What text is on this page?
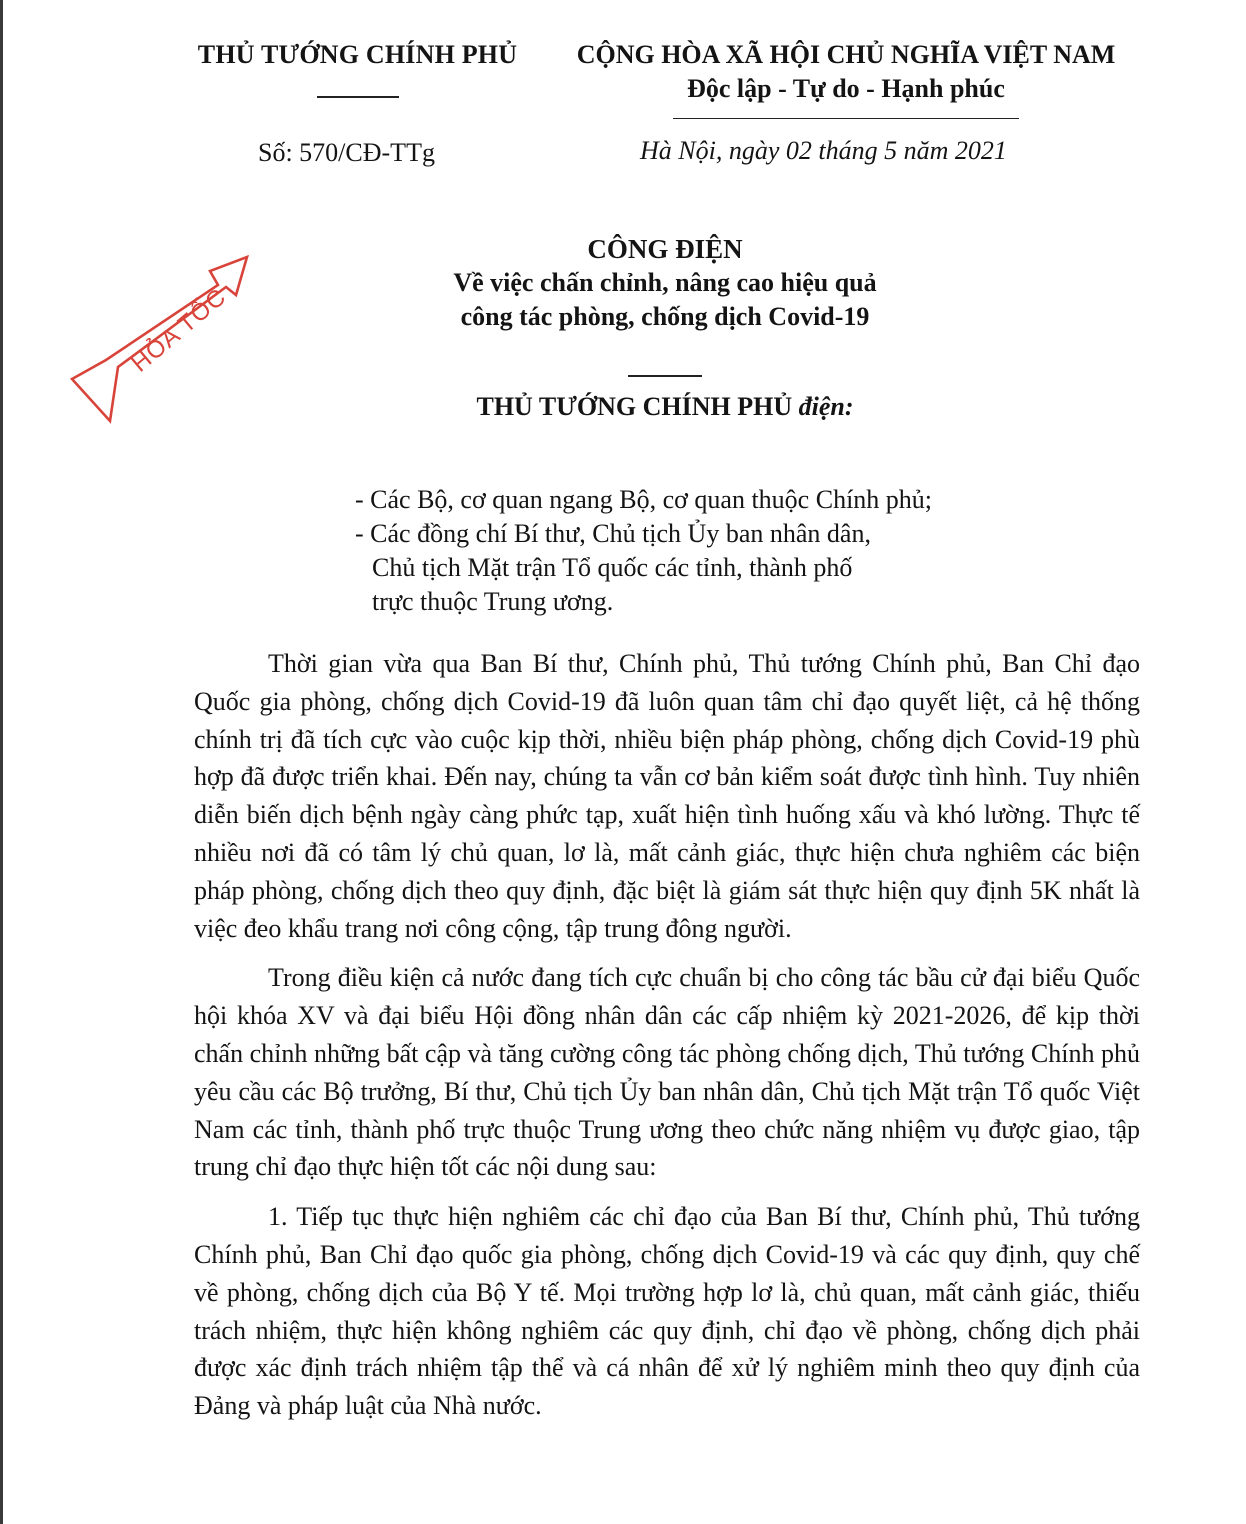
THỦ TƯỚNG CHÍNH PHỦ	CỘNG HÒA XÃ HỘI CHỦ NGHĨA VIỆT NAM
Độc lập - Tự do - Hạnh phúc
Số: 570/CĐ-TTg	Hà Nội, ngày 02 tháng 5 năm 2021
HỎA TỐC
CÔNG ĐIỆN
Về việc chấn chỉnh, nâng cao hiệu quả
công tác phòng, chống dịch Covid-19
THỦ TƯỚNG CHÍNH PHỦ điện:
- Các Bộ, cơ quan ngang Bộ, cơ quan thuộc Chính phủ;
- Các đồng chí Bí thư, Chủ tịch Ủy ban nhân dân,
Chủ tịch Mặt trận Tổ quốc các tỉnh, thành phố
trực thuộc Trung ương.

Thời gian vừa qua Ban Bí thư, Chính phủ, Thủ tướng Chính phủ, Ban Chỉ đạo Quốc gia phòng, chống dịch Covid-19 đã luôn quan tâm chỉ đạo quyết liệt, cả hệ thống chính trị đã tích cực vào cuộc kịp thời, nhiều biện pháp phòng, chống dịch Covid-19 phù hợp đã được triển khai. Đến nay, chúng ta vẫn cơ bản kiểm soát được tình hình. Tuy nhiên diễn biến dịch bệnh ngày càng phức tạp, xuất hiện tình huống xấu và khó lường. Thực tế nhiều nơi đã có tâm lý chủ quan, lơ là, mất cảnh giác, thực hiện chưa nghiêm các biện pháp phòng, chống dịch theo quy định, đặc biệt là giám sát thực hiện quy định 5K nhất là việc đeo khẩu trang nơi công cộng, tập trung đông người.

Trong điều kiện cả nước đang tích cực chuẩn bị cho công tác bầu cử đại biểu Quốc hội khóa XV và đại biểu Hội đồng nhân dân các cấp nhiệm kỳ 2021-2026, để kịp thời chấn chỉnh những bất cập và tăng cường công tác phòng chống dịch, Thủ tướng Chính phủ yêu cầu các Bộ trưởng, Bí thư, Chủ tịch Ủy ban nhân dân, Chủ tịch Mặt trận Tổ quốc Việt Nam các tỉnh, thành phố trực thuộc Trung ương theo chức năng nhiệm vụ được giao, tập trung chỉ đạo thực hiện tốt các nội dung sau:

1. Tiếp tục thực hiện nghiêm các chỉ đạo của Ban Bí thư, Chính phủ, Thủ tướng Chính phủ, Ban Chỉ đạo quốc gia phòng, chống dịch Covid-19 và các quy định, quy chế về phòng, chống dịch của Bộ Y tế. Mọi trường hợp lơ là, chủ quan, mất cảnh giác, thiếu trách nhiệm, thực hiện không nghiêm các quy định, chỉ đạo về phòng, chống dịch phải được xác định trách nhiệm tập thể và cá nhân để xử lý nghiêm minh theo quy định của Đảng và pháp luật của Nhà nước.
